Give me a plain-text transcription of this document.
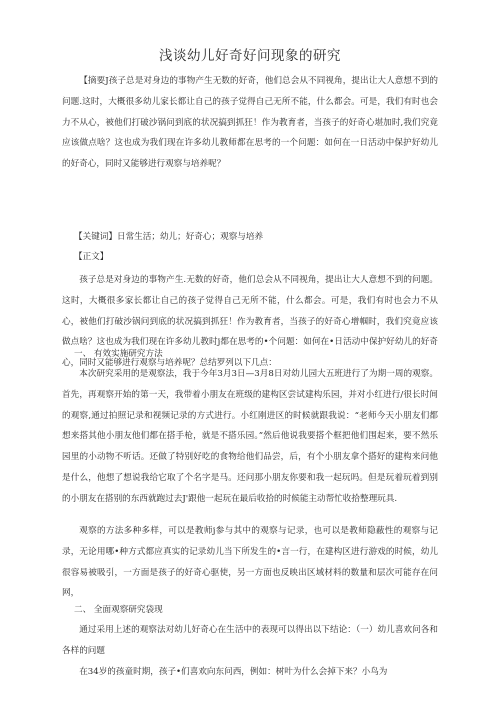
浅谈幼儿好奇好问现象的研究
【摘要J孩子总是对身边的事物产生无数的好奇，他们总会从不同视角，提出让大人意想不到的问题.这时，大概很多幼儿家长都让自己的孩子觉得自己无所不能，什么都会。可是，我们有时也会力不从心，被他们打破沙锅问到底的状况搞到抓狂！作为教育者，当孩子的好奇心堪加时,我们究竟应该做点啥？这也成为我们现在许多幼儿教师都在思考的一个问题：如何在一日活动中保护好幼儿的好奇心，同时又能够进行观察与培养呢？
【关键词】日常生活；幼儿；好奇心；观察与培养
【正文】
孩子总是对身边的事物产生.无数的好奇，他们总会从不同视角，提出让大人意想不到的问题。这时，大概很多家长都让自己的孩子觉得自己无所不能，什么都会。可是，我们有时也会力不从心，被他们打破沙锅问到底的状况搞到抓狂！作为教育者，当孩子的好奇心增帼时，我们究竟应该做点啥？这也成为我们现在许多幼儿教时j都在思考的•个问题：如何在•日活动中保护好幼儿的好奇心，同时又能够进行观察与培养呢？总结罗列以下几点：
一、 有效实施研究方法
本次研究采用的是观察法，我于今年3月3日—3月8日对幼儿园大五班进行了为期一周的观察。首先，再观察开始的第一天，我带着小朋友在班级的建构区尝试建构乐园，并对小红进行/很长时间的观察,通过拍照记录和视频记录的方式进行。小红刚进区的时候就跟我说：“老师今天小朋友们都想来搭其他小朋友他们都在搭手枪，就是不搭乐园。”然后他说我要搭个框把他们围起来，要不然乐园里的小动物不听话。还做了特别好吃的食物给他们品尝，后，有个小朋友拿个搭好的建构来问他是什么，他想了想说我给它取了个名字是马。还问那小朋友你要和我一起玩吗。但是玩着玩着到别的小朋友在搭别的东西就跑过去J'跟他一起玩在最后收拾的时候能主动帮忙收拾整理玩具.
观察的方法多种多样，可以是教师j参与其中的观察与记录，也可以是教师隐蔽性的观察与记录，无论用哪•种方式都应真实的记录幼儿当下所发生的•言一行，在建构区进行游戏的时候，幼儿很容易被吸引，一方面是孩子的好奇心驱使，另一方面也反映出区域材料的数量和层次可能存在问网，
二、 全面观察研究袋现
通过采用上述的观察法对幼儿好奇心在生活中的表现可以得出以下结论：（一）幼儿喜欢问各和各样的问题
在34岁的孩童时期，孩子•们喜欢向东问西，例如：树叶为什么会掉下来？小鸟为
